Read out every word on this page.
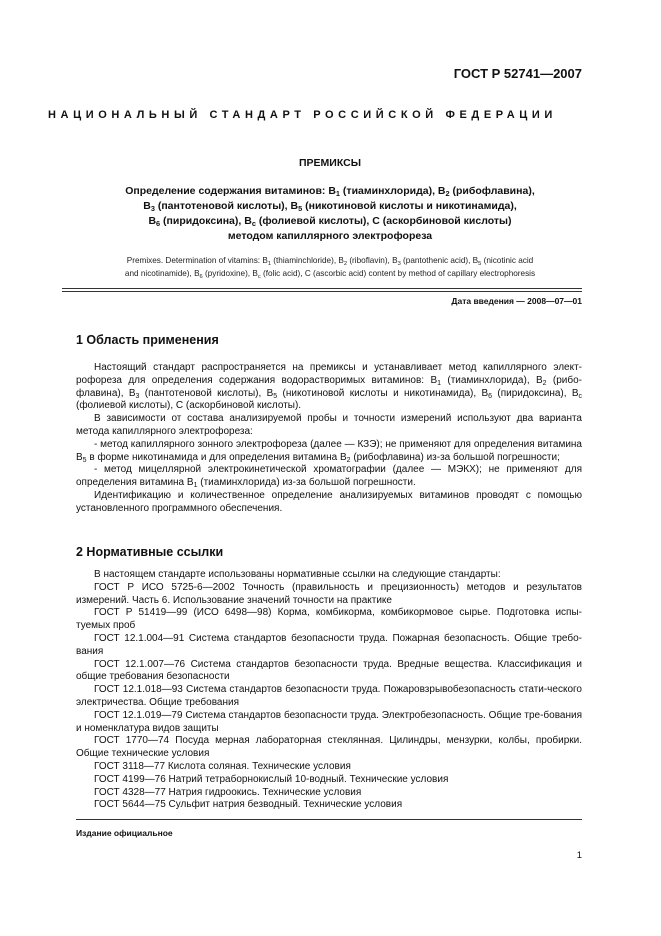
ГОСТ Р 52741—2007
НАЦИОНАЛЬНЫЙ СТАНДАРТ РОССИЙСКОЙ ФЕДЕРАЦИИ
ПРЕМИКСЫ
Определение содержания витаминов: $B_1$ (тиаминхлорида), $B_2$ (рибофлавина),
$B_3$ (пантотеновой кислоты), $B_5$ (никотиновой кислоты и никотинамида),
$B_6$ (пиридоксина), $B_c$ (фолиевой кислоты), C (аскорбиновой кислоты)
методом капиллярного электрофореза
Premixes. Determination of vitamins: $B_1$ (thiaminchloride), $B_2$ (riboflavin), $B_3$ (pantothenic acid), $B_5$ (nicotinic acid
and nicotinamide), $B_6$ (pyridoxine), $B_c$ (folic acid), C (ascorbic acid) content by method of capillary electrophoresis
Дата введения — 2008—07—01
1 Область применения

Настоящий стандарт распространяется на премиксы и устанавливает метод капиллярного элект-рофореза для определения содержания водорастворимых витаминов: $B_1$ (тиаминхлорида), $B_2$ (рибо-флавина), $B_3$ (пантотеновой кислоты), $B_5$ (никотиновой кислоты и никотинамида), $B_6$ (пиридоксина), $B_c$ (фолиевой кислоты), C (аскорбиновой кислоты).

В зависимости от состава анализируемой пробы и точности измерений используют два варианта метода капиллярного электрофореза:

- метод капиллярного зонного электрофореза (далее — КЗЭ); не применяют для определения витамина $B_5$ в форме никотинамида и для определения витамина $B_2$ (рибофлавина) из-за большой погрешности;

- метод мицеллярной электрокинетической хроматографии (далее — МЭКХ); не применяют для определения витамина $B_1$ (тиаминхлорида) из-за большой погрешности.

Идентификацию и количественное определение анализируемых витаминов проводят с помощью установленного программного обеспечения.

2 Нормативные ссылки

В настоящем стандарте использованы нормативные ссылки на следующие стандарты:

ГОСТ Р ИСО 5725-6—2002 Точность (правильность и прецизионность) методов и результатов измерений. Часть 6. Использование значений точности на практике

ГОСТ Р 51419—99 (ИСО 6498—98) Корма, комбикорма, комбикормовое сырье. Подготовка испы-туемых проб

ГОСТ 12.1.004—91 Система стандартов безопасности труда. Пожарная безопасность. Общие требо-вания

ГОСТ 12.1.007—76 Система стандартов безопасности труда. Вредные вещества. Классификация и общие требования безопасности

ГОСТ 12.1.018—93 Система стандартов безопасности труда. Пожаровзрывобезопасность стати-ческого электричества. Общие требования

ГОСТ 12.1.019—79 Система стандартов безопасности труда. Электробезопасность. Общие тре-бования и номенклатура видов защиты

ГОСТ 1770—74 Посуда мерная лабораторная стеклянная. Цилиндры, мензурки, колбы, пробирки. Общие технические условия

ГОСТ 3118—77 Кислота соляная. Технические условия

ГОСТ 4199—76 Натрий тетраборнокислый 10-водный. Технические условия

ГОСТ 4328—77 Натрия гидроокись. Технические условия

ГОСТ 5644—75 Сульфит натрия безводный. Технические условия

Издание официальное
1
